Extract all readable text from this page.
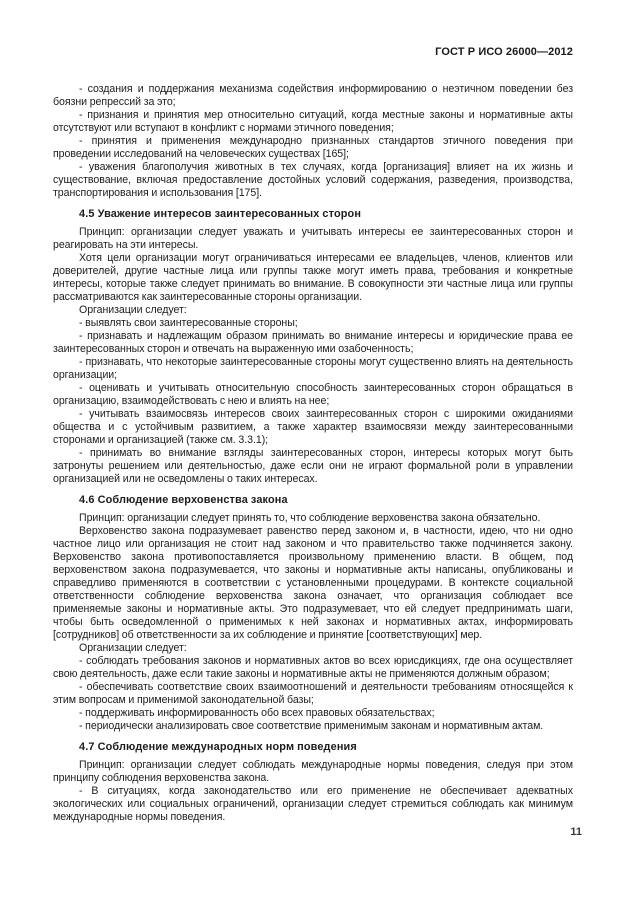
ГОСТ Р ИСО 26000—2012
- создания и поддержания механизма содействия информированию о неэтичном поведении без боязни репрессий за это;
- признания и принятия мер относительно ситуаций, когда местные законы и нормативные акты отсутствуют или вступают в конфликт с нормами этичного поведения;
- принятия и применения международно признанных стандартов этичного поведения при проведении исследований на человеческих существах [165];
- уважения благополучия животных в тех случаях, когда [организация] влияет на их жизнь и существование, включая предоставление достойных условий содержания, разведения, производства, транспортирования и использования [175].
4.5 Уважение интересов заинтересованных сторон
Принцип: организации следует уважать и учитывать интересы ее заинтересованных сторон и реагировать на эти интересы.
Хотя цели организации могут ограничиваться интересами ее владельцев, членов, клиентов или доверителей, другие частные лица или группы также могут иметь права, требования и конкретные интересы, которые также следует принимать во внимание. В совокупности эти частные лица или группы рассматриваются как заинтересованные стороны организации.
Организации следует:
- выявлять свои заинтересованные стороны;
- признавать и надлежащим образом принимать во внимание интересы и юридические права ее заинтересованных сторон и отвечать на выраженную ими озабоченность;
- признавать, что некоторые заинтересованные стороны могут существенно влиять на деятельность организации;
- оценивать и учитывать относительную способность заинтересованных сторон обращаться в организацию, взаимодействовать с нею и влиять на нее;
- учитывать взаимосвязь интересов своих заинтересованных сторон с широкими ожиданиями общества и с устойчивым развитием, а также характер взаимосвязи между заинтересованными сторонами и организацией (также см. 3.3.1);
- принимать во внимание взгляды заинтересованных сторон, интересы которых могут быть затронуты решением или деятельностью, даже если они не играют формальной роли в управлении организацией или не осведомлены о таких интересах.
4.6 Соблюдение верховенства закона
Принцип: организации следует принять то, что соблюдение верховенства закона обязательно.
Верховенство закона подразумевает равенство перед законом и, в частности, идею, что ни одно частное лицо или организация не стоит над законом и что правительство также подчиняется закону. Верховенство закона противопоставляется произвольному применению власти. В общем, под верховенством закона подразумевается, что законы и нормативные акты написаны, опубликованы и справедливо применяются в соответствии с установленными процедурами. В контексте социальной ответственности соблюдение верховенства закона означает, что организация соблюдает все применяемые законы и нормативные акты. Это подразумевает, что ей следует предпринимать шаги, чтобы быть осведомленной о применимых к ней законах и нормативных актах, информировать [сотрудников] об ответственности за их соблюдение и принятие [соответствующих] мер.
Организации следует:
- соблюдать требования законов и нормативных актов во всех юрисдикциях, где она осуществляет свою деятельность, даже если такие законы и нормативные акты не применяются должным образом;
- обеспечивать соответствие своих взаимоотношений и деятельности требованиям относящейся к этим вопросам и применимой законодательной базы;
- поддерживать информированность обо всех правовых обязательствах;
- периодически анализировать свое соответствие применимым законам и нормативным актам.
4.7 Соблюдение международных норм поведения
Принцип: организации следует соблюдать международные нормы поведения, следуя при этом принципу соблюдения верховенства закона.
- В ситуациях, когда законодательство или его применение не обеспечивает адекватных экологических или социальных ограничений, организации следует стремиться соблюдать как минимум международные нормы поведения.
11
